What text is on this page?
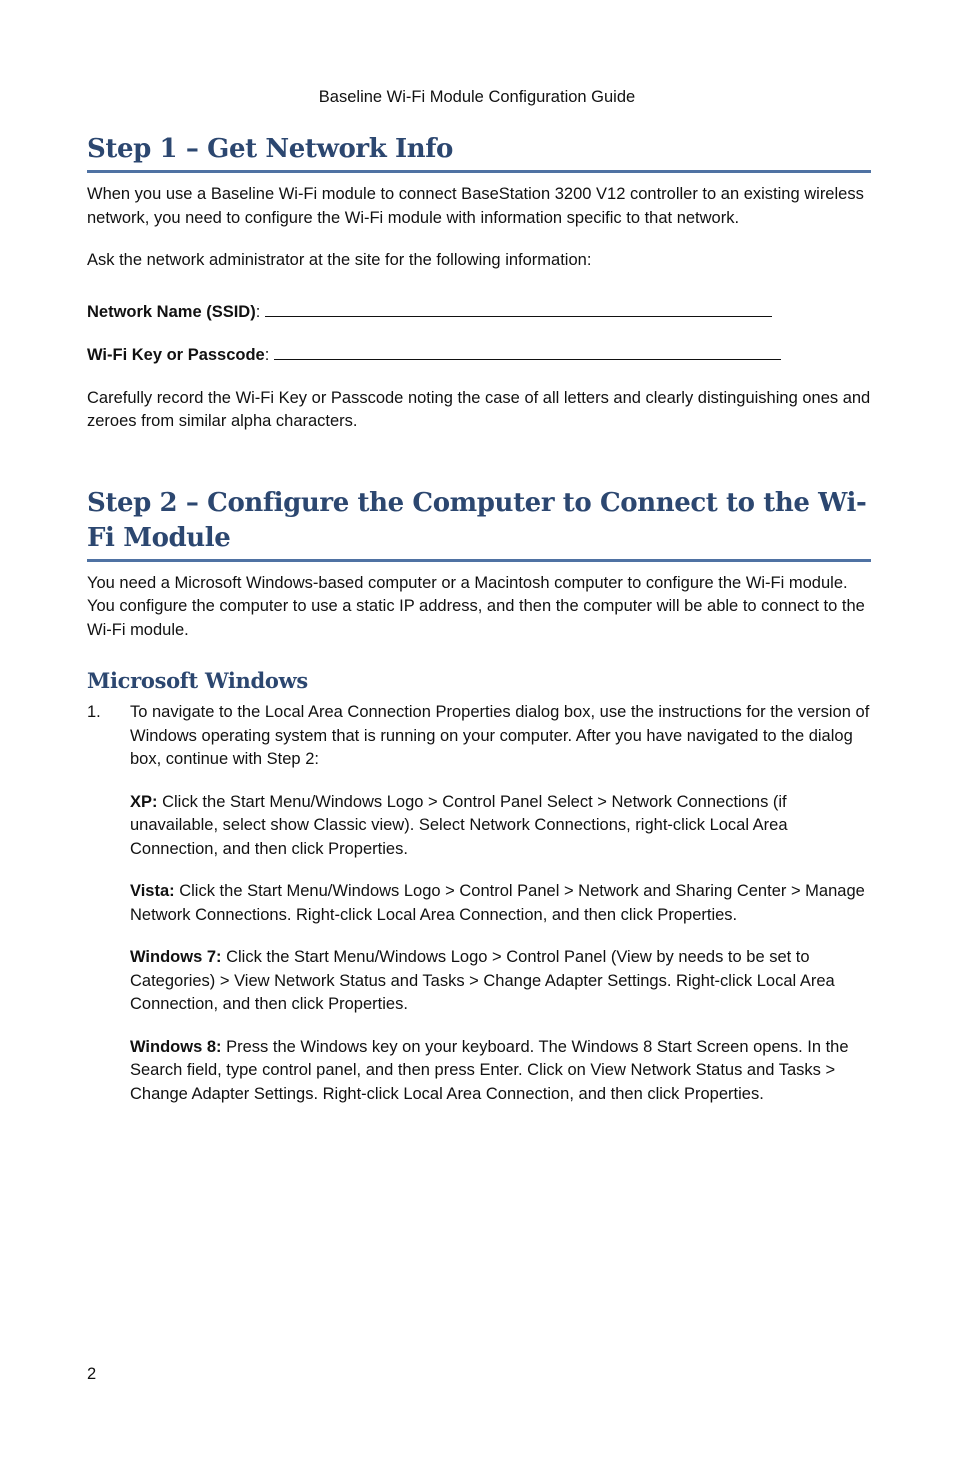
Baseline Wi-Fi Module Configuration Guide
Step 1 – Get Network Info

When you use a Baseline Wi-Fi module to connect BaseStation 3200 V12 controller to an existing wireless network, you need to configure the Wi-Fi module with information specific to that network.

Ask the network administrator at the site for the following information:

Network Name (SSID):

Wi-Fi Key or Passcode:

Carefully record the Wi-Fi Key or Passcode noting the case of all letters and clearly distinguishing ones and zeroes from similar alpha characters.

Step 2 – Configure the Computer to Connect to the Wi-Fi Module

You need a Microsoft Windows-based computer or a Macintosh computer to configure the Wi-Fi module. You configure the computer to use a static IP address, and then the computer will be able to connect to the Wi-Fi module.

Microsoft Windows
1. To navigate to the Local Area Connection Properties dialog box, use the instructions for the version of Windows operating system that is running on your computer. After you have navigated to the dialog box, continue with Step 2:

XP: Click the Start Menu/Windows Logo > Control Panel Select > Network Connections (if unavailable, select show Classic view). Select Network Connections, right-click Local Area Connection, and then click Properties.

Vista: Click the Start Menu/Windows Logo > Control Panel > Network and Sharing Center > Manage Network Connections. Right-click Local Area Connection, and then click Properties.

Windows 7: Click the Start Menu/Windows Logo > Control Panel (View by needs to be set to Categories) > View Network Status and Tasks > Change Adapter Settings. Right-click Local Area Connection, and then click Properties.

Windows 8: Press the Windows key on your keyboard. The Windows 8 Start Screen opens. In the Search field, type control panel, and then press Enter. Click on View Network Status and Tasks > Change Adapter Settings. Right-click Local Area Connection, and then click Properties.

2
